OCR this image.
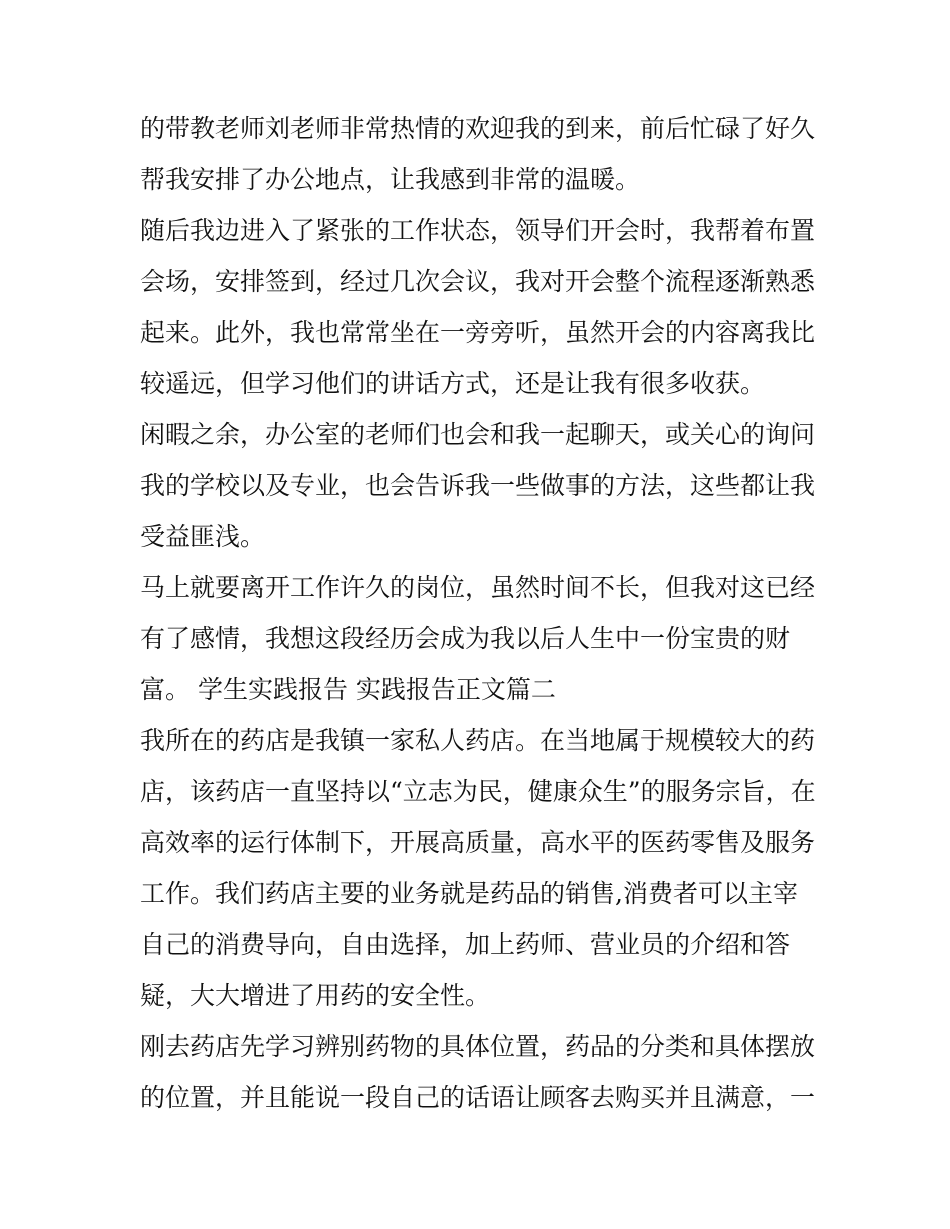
的带教老师刘老师非常热情的欢迎我的到来，前后忙碌了好久
帮我安排了办公地点，让我感到非常的温暖。
随后我边进入了紧张的工作状态，领导们开会时，我帮着布置
会场，安排签到，经过几次会议，我对开会整个流程逐渐熟悉
起来。此外，我也常常坐在一旁旁听，虽然开会的内容离我比
较遥远，但学习他们的讲话方式，还是让我有很多收获。
闲暇之余，办公室的老师们也会和我一起聊天，或关心的询问
我的学校以及专业，也会告诉我一些做事的方法，这些都让我
受益匪浅。
马上就要离开工作许久的岗位，虽然时间不长，但我对这已经
有了感情，我想这段经历会成为我以后人生中一份宝贵的财
富。 学生实践报告 实践报告正文篇二
我所在的药店是我镇一家私人药店。在当地属于规模较大的药
店，该药店一直坚持以“立志为民，健康众生”的服务宗旨，在
高效率的运行体制下，开展高质量，高水平的医药零售及服务
工作。我们药店主要的业务就是药品的销售,消费者可以主宰
自己的消费导向，自由选择，加上药师、营业员的介绍和答
疑，大大增进了用药的安全性。
刚去药店先学习辨别药物的具体位置，药品的分类和具体摆放
的位置，并且能说一段自己的话语让顾客去购买并且满意，一
